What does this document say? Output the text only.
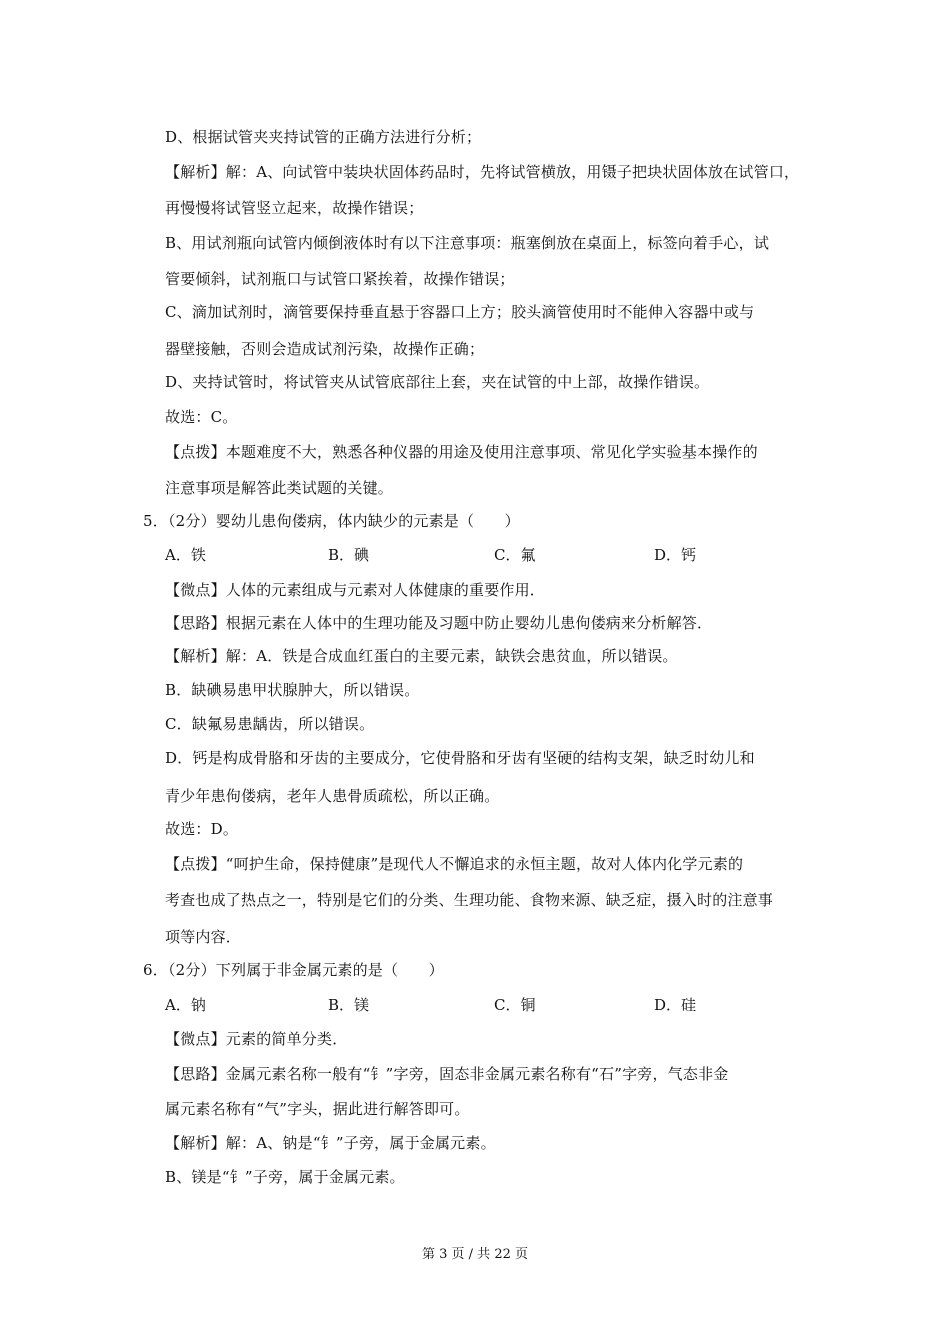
D、根据试管夹夹持试管的正确方法进行分析；
【解析】解：A、向试管中装块状固体药品时，先将试管横放，用镊子把块状固体放在试管口，
再慢慢将试管竖立起来，故操作错误；
B、用试剂瓶向试管内倾倒液体时有以下注意事项：瓶塞倒放在桌面上，标签向着手心，试
管要倾斜，试剂瓶口与试管口紧挨着，故操作错误；
C、滴加试剂时，滴管要保持垂直悬于容器口上方；胶头滴管使用时不能伸入容器中或与
器壁接触，否则会造成试剂污染，故操作正确；
D、夹持试管时，将试管夹从试管底部往上套，夹在试管的中上部，故操作错误。
故选：C。
【点拨】本题难度不大，熟悉各种仪器的用途及使用注意事项、常见化学实验基本操作的
注意事项是解答此类试题的关键。
5．（2分）婴幼儿患佝偻病，体内缺少的元素是（　　）
A．铁	B．碘	C．氟	D．钙
【微点】人体的元素组成与元素对人体健康的重要作用．
【思路】根据元素在人体中的生理功能及习题中防止婴幼儿患佝偻病来分析解答．
【解析】解：A．铁是合成血红蛋白的主要元素，缺铁会患贫血，所以错误。
B．缺碘易患甲状腺肿大，所以错误。
C．缺氟易患龋齿，所以错误。
D．钙是构成骨胳和牙齿的主要成分，它使骨胳和牙齿有坚硬的结构支架，缺乏时幼儿和
青少年患佝偻病，老年人患骨质疏松，所以正确。
故选：D。
【点拨】“呵护生命，保持健康”是现代人不懈追求的永恒主题，故对人体内化学元素的
考查也成了热点之一，特别是它们的分类、生理功能、食物来源、缺乏症，摄入时的注意事
项等内容．
6．（2分）下列属于非金属元素的是（　　）
A．钠	B．镁	C．铜	D．硅
【微点】元素的简单分类．
【思路】金属元素名称一般有“钅”字旁，固态非金属元素名称有“石”字旁，气态非金
属元素名称有“气”字头，据此进行解答即可。
【解析】解：A、钠是“钅”子旁，属于金属元素。
B、镁是“钅”子旁，属于金属元素。
第 3 页 / 共 22 页
